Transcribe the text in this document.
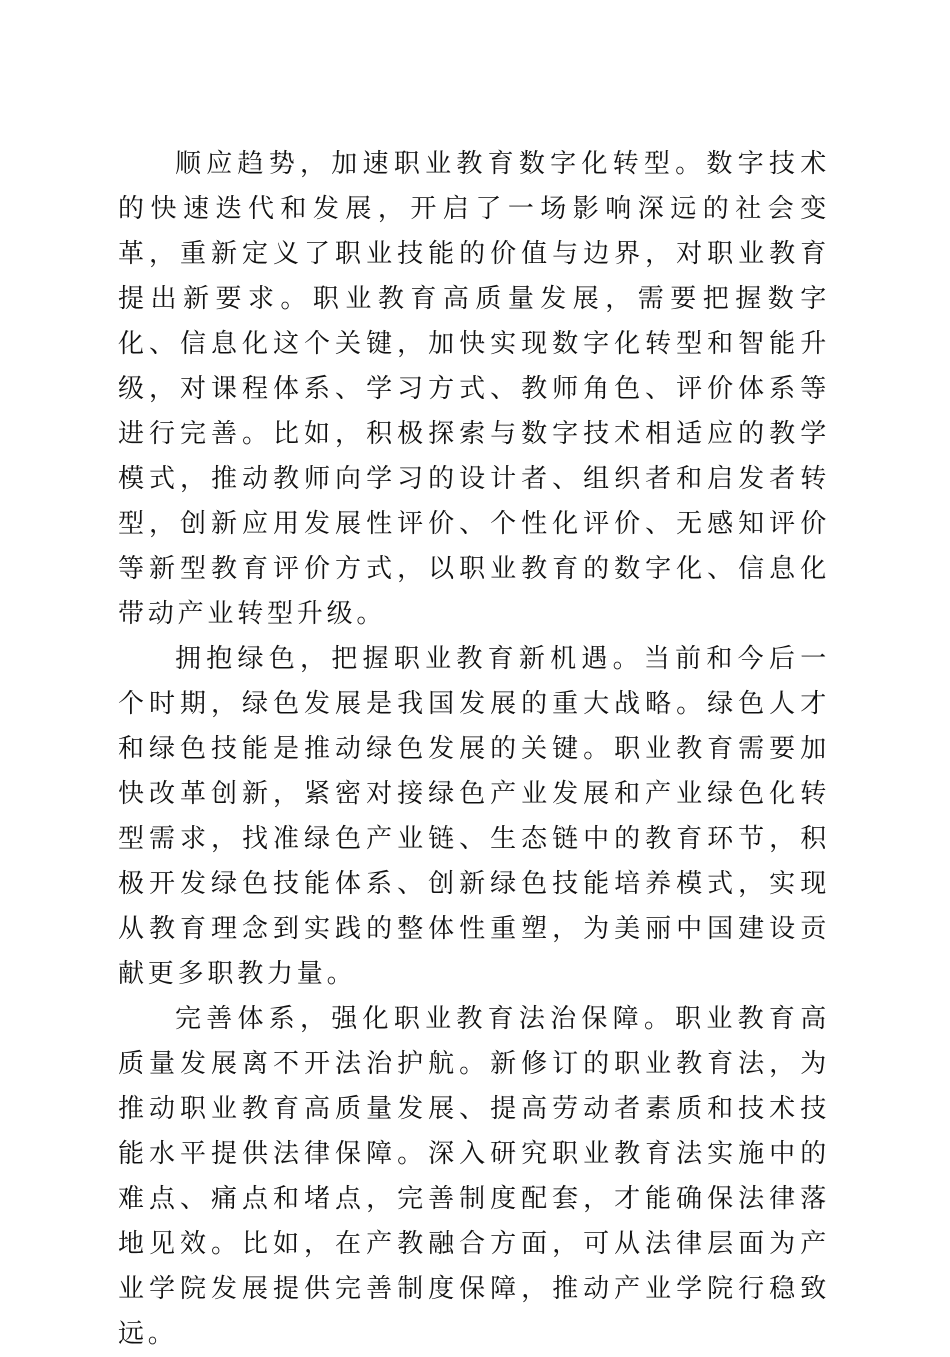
顺应趋势，加速职业教育数字化转型。数字技术的快速迭代和发展，开启了一场影响深远的社会变革，重新定义了职业技能的价值与边界，对职业教育提出新要求。职业教育高质量发展，需要把握数字化、信息化这个关键，加快实现数字化转型和智能升级，对课程体系、学习方式、教师角色、评价体系等进行完善。比如，积极探索与数字技术相适应的教学模式，推动教师向学习的设计者、组织者和启发者转型，创新应用发展性评价、个性化评价、无感知评价等新型教育评价方式，以职业教育的数字化、信息化带动产业转型升级。

拥抱绿色，把握职业教育新机遇。当前和今后一个时期，绿色发展是我国发展的重大战略。绿色人才和绿色技能是推动绿色发展的关键。职业教育需要加快改革创新，紧密对接绿色产业发展和产业绿色化转型需求，找准绿色产业链、生态链中的教育环节，积极开发绿色技能体系、创新绿色技能培养模式，实现从教育理念到实践的整体性重塑，为美丽中国建设贡献更多职教力量。

完善体系，强化职业教育法治保障。职业教育高质量发展离不开法治护航。新修订的职业教育法，为推动职业教育高质量发展、提高劳动者素质和技术技能水平提供法律保障。深入研究职业教育法实施中的难点、痛点和堵点，完善制度配套，才能确保法律落地见效。比如，在产教融合方面，可从法律层面为产业学院发展提供完善制度保障，推动产业学院行稳致远。
